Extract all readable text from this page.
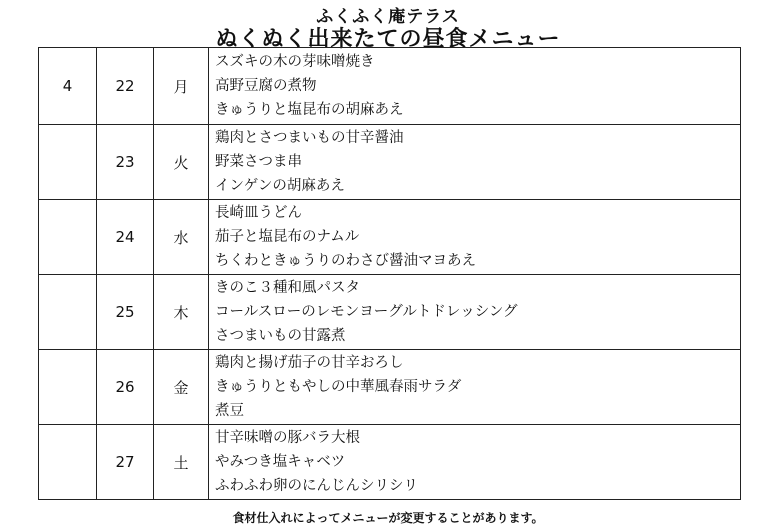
ふくふく庵テラス
ぬくぬく出来たての昼食メニュー
4	22	月	スズキの木の芽味噌焼き
高野豆腐の煮物
きゅうりと塩昆布の胡麻あえ

	23	火	鶏肉とさつまいもの甘辛醤油
野菜さつま串
インゲンの胡麻あえ

	24	水	長崎皿うどん
茄子と塩昆布のナムル
ちくわときゅうりのわさび醤油マヨあえ

	25	木	きのこ３種和風パスタ
コールスローのレモンヨーグルトドレッシング
さつまいもの甘露煮

	26	金	鶏肉と揚げ茄子の甘辛おろし
きゅうりともやしの中華風春雨サラダ
煮豆

	27	土	甘辛味噌の豚バラ大根
やみつき塩キャベツ
ふわふわ卵のにんじんシリシリ
食材仕入れによってメニューが変更することがあります。
